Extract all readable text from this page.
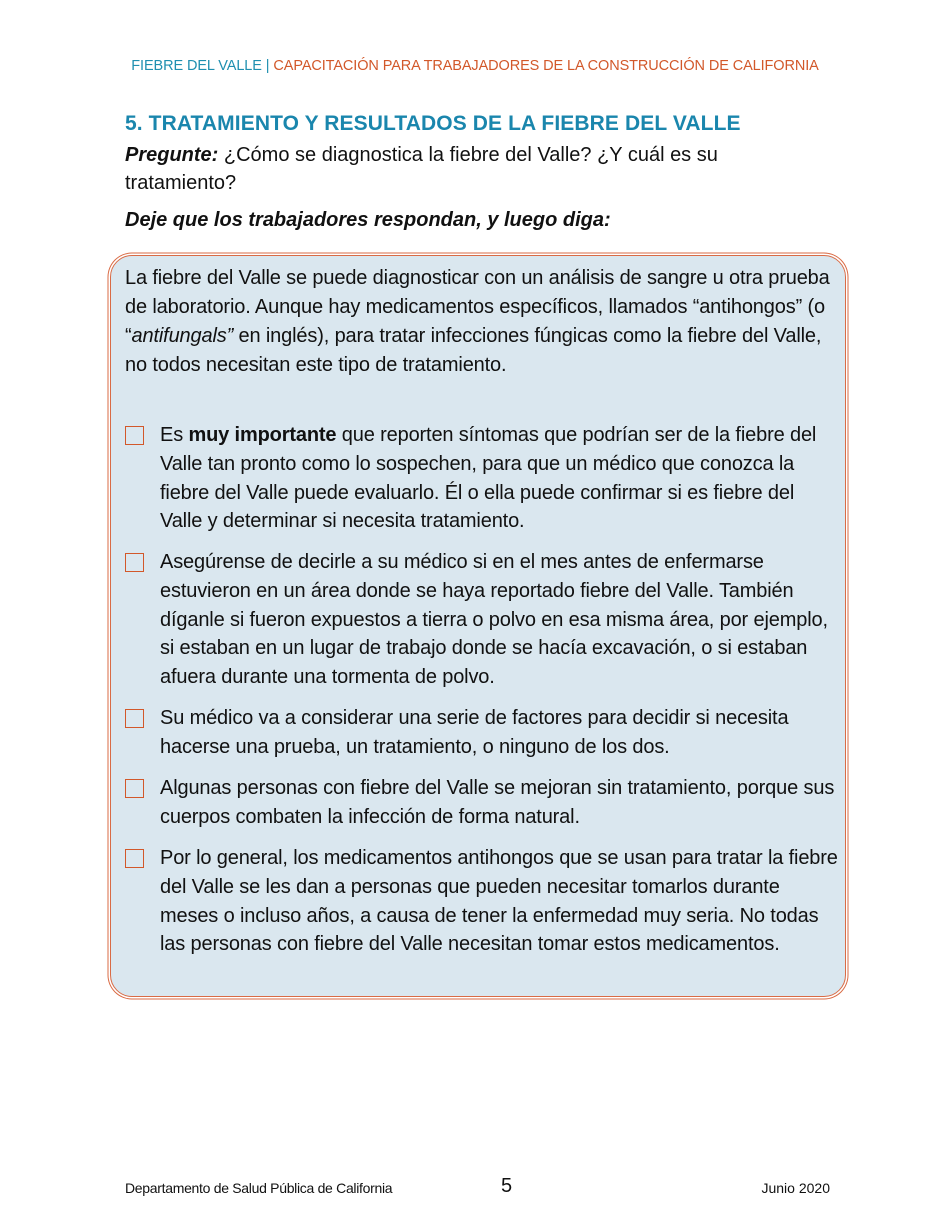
FIEBRE DEL VALLE | CAPACITACIÓN PARA TRABAJADORES DE LA CONSTRUCCIÓN DE CALIFORNIA
5. TRATAMIENTO Y RESULTADOS DE LA FIEBRE DEL VALLE
Pregunte: ¿Cómo se diagnostica la fiebre del Valle? ¿Y cuál es su tratamiento?
Deje que los trabajadores respondan, y luego diga:
La fiebre del Valle se puede diagnosticar con un análisis de sangre u otra prueba de laboratorio. Aunque hay medicamentos específicos, llamados “antihongos” (o “antifungals” en inglés), para tratar infecciones fúngicas como la fiebre del Valle, no todos necesitan este tipo de tratamiento.
Es muy importante que reporten síntomas que podrían ser de la fiebre del Valle tan pronto como lo sospechen, para que un médico que conozca la fiebre del Valle puede evaluarlo. Él o ella puede confirmar si es fiebre del Valle y determinar si necesita tratamiento.
Asegúrense de decirle a su médico si en el mes antes de enfermarse estuvieron en un área donde se haya reportado fiebre del Valle. También díganle si fueron expuestos a tierra o polvo en esa misma área, por ejemplo, si estaban en un lugar de trabajo donde se hacía excavación, o si estaban afuera durante una tormenta de polvo.
Su médico va a considerar una serie de factores para decidir si necesita hacerse una prueba, un tratamiento, o ninguno de los dos.
Algunas personas con fiebre del Valle se mejoran sin tratamiento, porque sus cuerpos combaten la infección de forma natural.
Por lo general, los medicamentos antihongos que se usan para tratar la fiebre del Valle se les dan a personas que pueden necesitar tomarlos durante meses o incluso años, a causa de tener la enfermedad muy seria. No todas las personas con fiebre del Valle necesitan tomar estos medicamentos.
Departamento de Salud Pública de California	5	Junio 2020
